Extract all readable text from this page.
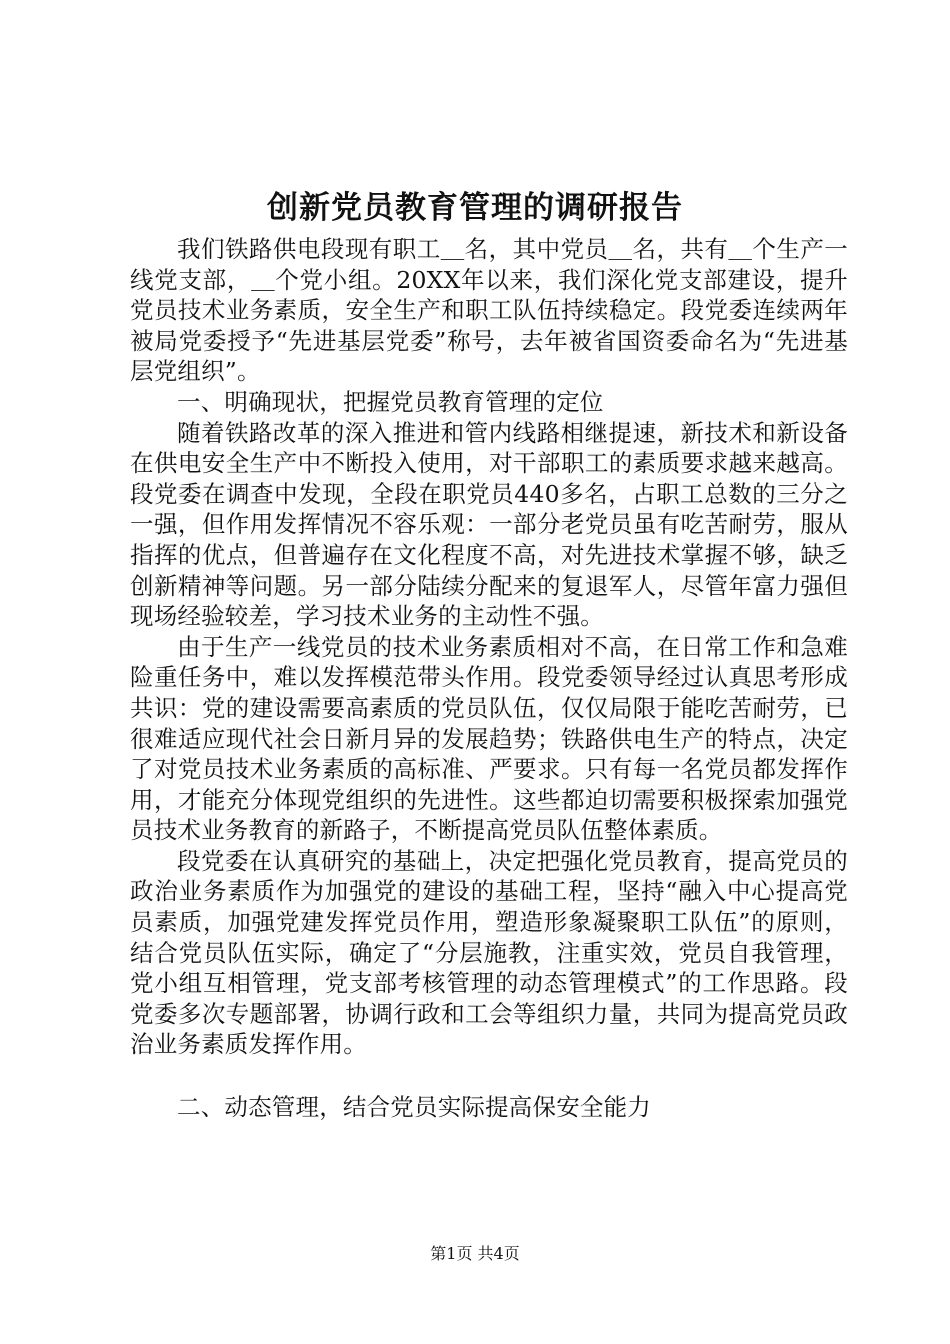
创新党员教育管理的调研报告

我们铁路供电段现有职工＿名，其中党员＿名，共有＿个生产一线党支部，＿个党小组。20XX年以来，我们深化党支部建设，提升党员技术业务素质，安全生产和职工队伍持续稳定。段党委连续两年被局党委授予“先进基层党委”称号，去年被省国资委命名为“先进基层党组织”。

一、明确现状，把握党员教育管理的定位

随着铁路改革的深入推进和管内线路相继提速，新技术和新设备在供电安全生产中不断投入使用，对干部职工的素质要求越来越高。段党委在调查中发现，全段在职党员440多名，占职工总数的三分之一强，但作用发挥情况不容乐观：一部分老党员虽有吃苦耐劳，服从指挥的优点，但普遍存在文化程度不高，对先进技术掌握不够，缺乏创新精神等问题。另一部分陆续分配来的复退军人，尽管年富力强但现场经验较差，学习技术业务的主动性不强。

由于生产一线党员的技术业务素质相对不高，在日常工作和急难险重任务中，难以发挥模范带头作用。段党委领导经过认真思考形成共识：党的建设需要高素质的党员队伍，仅仅局限于能吃苦耐劳，已很难适应现代社会日新月异的发展趋势；铁路供电生产的特点，决定了对党员技术业务素质的高标准、严要求。只有每一名党员都发挥作用，才能充分体现党组织的先进性。这些都迫切需要积极探索加强党员技术业务教育的新路子，不断提高党员队伍整体素质。

段党委在认真研究的基础上，决定把强化党员教育，提高党员的政治业务素质作为加强党的建设的基础工程，坚持“融入中心提高党员素质，加强党建发挥党员作用，塑造形象凝聚职工队伍”的原则，结合党员队伍实际，确定了“分层施教，注重实效，党员自我管理，党小组互相管理，党支部考核管理的动态管理模式”的工作思路。段党委多次专题部署，协调行政和工会等组织力量，共同为提高党员政治业务素质发挥作用。

二、动态管理，结合党员实际提高保安全能力

第1页 共4页
